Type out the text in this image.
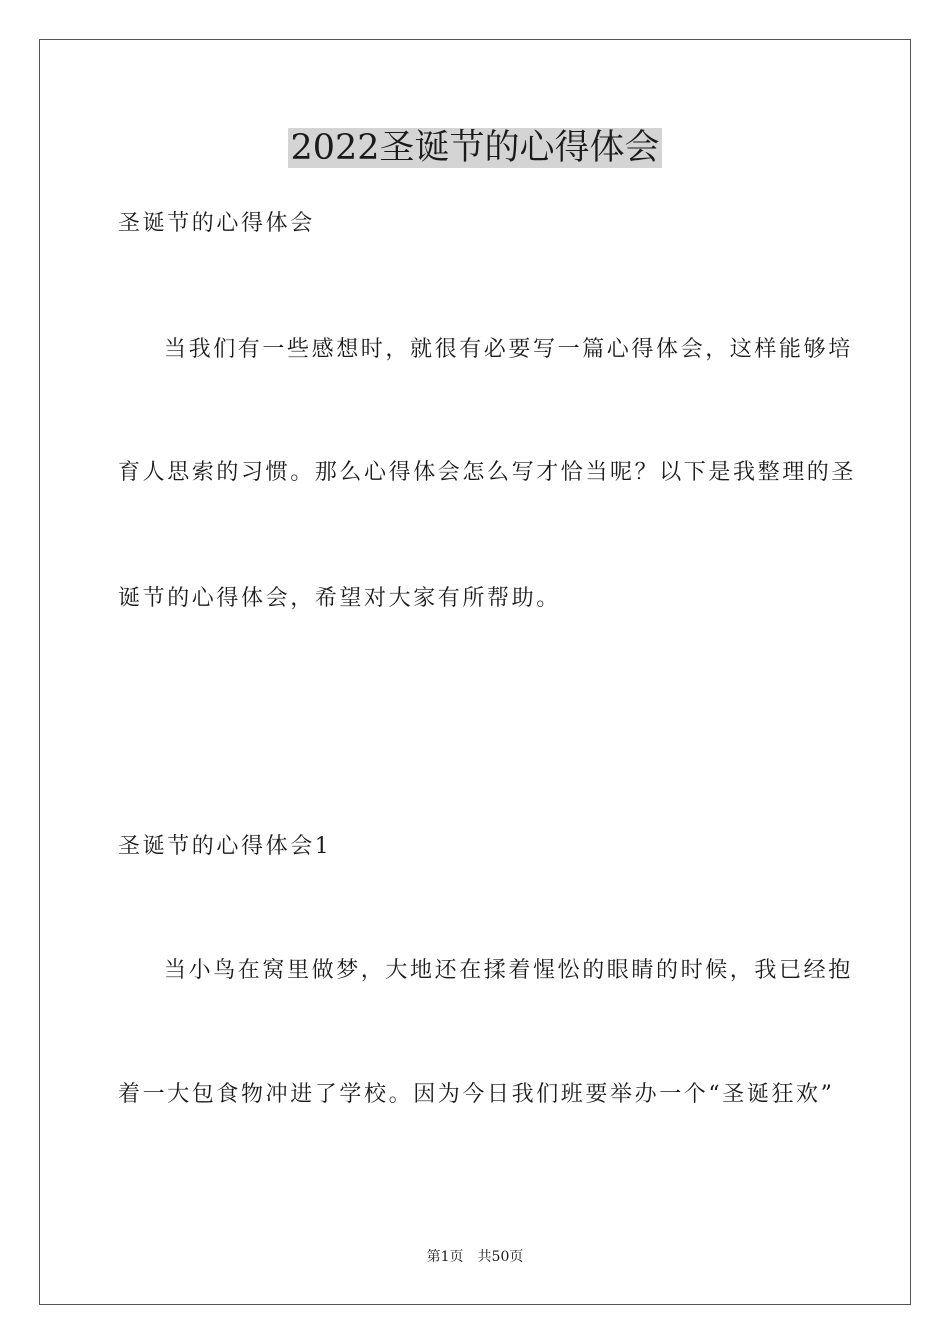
2022圣诞节的心得体会

圣诞节的心得体会

当我们有一些感想时，就很有必要写一篇心得体会，这样能够培

育人思索的习惯。那么心得体会怎么写才恰当呢？以下是我整理的圣

诞节的心得体会，希望对大家有所帮助。

圣诞节的心得体会1

当小鸟在窝里做梦，大地还在揉着惺忪的眼睛的时候，我已经抱

着一大包食物冲进了学校。因为今日我们班要举办一个“圣诞狂欢”

第1页 共50页
